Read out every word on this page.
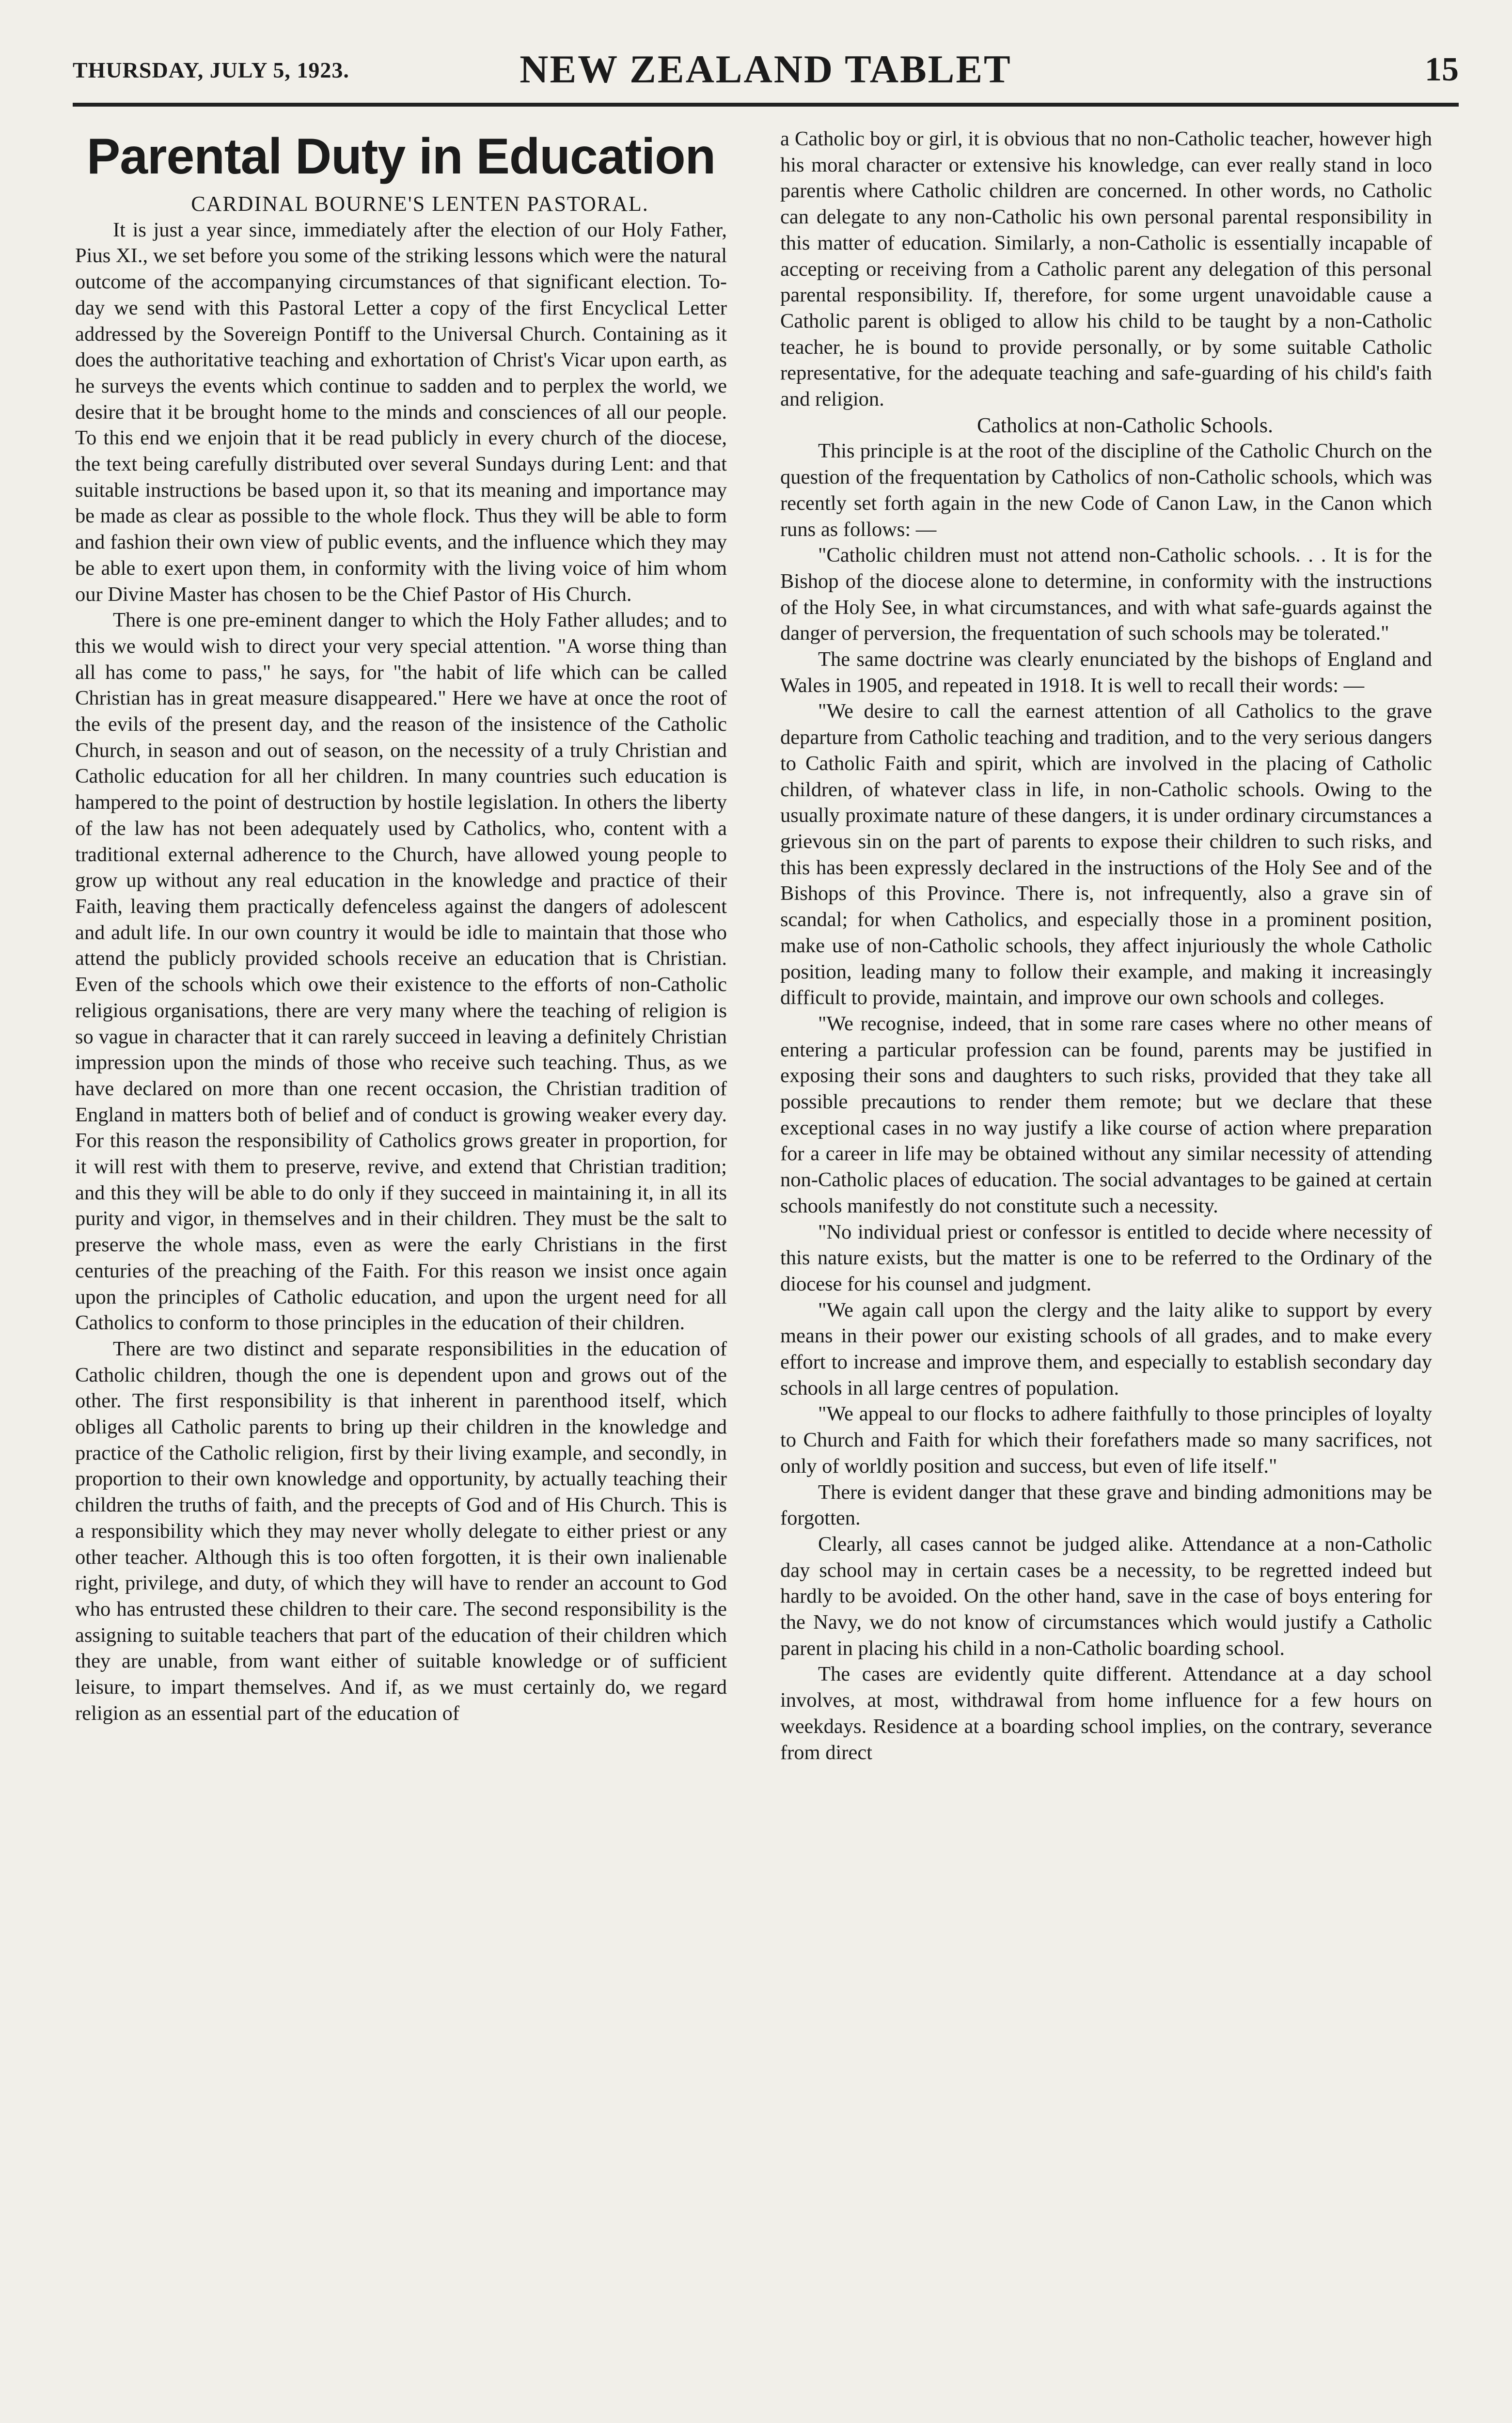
THURSDAY, JULY 5, 1923.	NEW ZEALAND TABLET	15
Parental Duty in Education

CARDINAL BOURNE'S LENTEN PASTORAL.

It is just a year since, immediately after the election of our Holy Father, Pius XI., we set before you some of the striking lessons which were the natural outcome of the accompanying circumstances of that significant election. To-day we send with this Pastoral Letter a copy of the first Encyclical Letter addressed by the Sovereign Pontiff to the Universal Church. Containing as it does the authoritative teaching and exhortation of Christ's Vicar upon earth, as he surveys the events which continue to sadden and to perplex the world, we desire that it be brought home to the minds and consciences of all our people. To this end we enjoin that it be read publicly in every church of the diocese, the text being carefully distributed over several Sundays during Lent: and that suitable instructions be based upon it, so that its meaning and importance may be made as clear as possible to the whole flock. Thus they will be able to form and fashion their own view of public events, and the influence which they may be able to exert upon them, in conformity with the living voice of him whom our Divine Master has chosen to be the Chief Pastor of His Church.

There is one pre-eminent danger to which the Holy Father alludes; and to this we would wish to direct your very special attention. "A worse thing than all has come to pass," he says, for "the habit of life which can be called Christian has in great measure disappeared." Here we have at once the root of the evils of the present day, and the reason of the insistence of the Catholic Church, in season and out of season, on the necessity of a truly Christian and Catholic education for all her children. In many countries such education is hampered to the point of destruction by hostile legislation. In others the liberty of the law has not been adequately used by Catholics, who, content with a traditional external adherence to the Church, have allowed young people to grow up without any real education in the knowledge and practice of their Faith, leaving them practically defenceless against the dangers of adolescent and adult life. In our own country it would be idle to maintain that those who attend the publicly provided schools receive an education that is Christian. Even of the schools which owe their existence to the efforts of non-Catholic religious organisations, there are very many where the teaching of religion is so vague in character that it can rarely succeed in leaving a definitely Christian impression upon the minds of those who receive such teaching. Thus, as we have declared on more than one recent occasion, the Christian tradition of England in matters both of belief and of conduct is growing weaker every day. For this reason the responsibility of Catholics grows greater in proportion, for it will rest with them to preserve, revive, and extend that Christian tradition; and this they will be able to do only if they succeed in maintaining it, in all its purity and vigor, in themselves and in their children. They must be the salt to preserve the whole mass, even as were the early Christians in the first centuries of the preaching of the Faith. For this reason we insist once again upon the principles of Catholic education, and upon the urgent need for all Catholics to conform to those principles in the education of their children.

There are two distinct and separate responsibilities in the education of Catholic children, though the one is dependent upon and grows out of the other. The first responsibility is that inherent in parenthood itself, which obliges all Catholic parents to bring up their children in the knowledge and practice of the Catholic religion, first by their living example, and secondly, in proportion to their own knowledge and opportunity, by actually teaching their children the truths of faith, and the precepts of God and of His Church. This is a responsibility which they may never wholly delegate to either priest or any other teacher. Although this is too often forgotten, it is their own inalienable right, privilege, and duty, of which they will have to render an account to God who has entrusted these children to their care. The second responsibility is the assigning to suitable teachers that part of the education of their children which they are unable, from want either of suitable knowledge or of sufficient leisure, to impart themselves. And if, as we must certainly do, we regard religion as an essential part of the education of

a Catholic boy or girl, it is obvious that no non-Catholic teacher, however high his moral character or extensive his knowledge, can ever really stand in loco parentis where Catholic children are concerned. In other words, no Catholic can delegate to any non-Catholic his own personal parental responsibility in this matter of education. Similarly, a non-Catholic is essentially incapable of accepting or receiving from a Catholic parent any delegation of this personal parental responsibility. If, therefore, for some urgent unavoidable cause a Catholic parent is obliged to allow his child to be taught by a non-Catholic teacher, he is bound to provide personally, or by some suitable Catholic representative, for the adequate teaching and safe-guarding of his child's faith and religion.

Catholics at non-Catholic Schools.

This principle is at the root of the discipline of the Catholic Church on the question of the frequentation by Catholics of non-Catholic schools, which was recently set forth again in the new Code of Canon Law, in the Canon which runs as follows: —

"Catholic children must not attend non-Catholic schools. . . It is for the Bishop of the diocese alone to determine, in conformity with the instructions of the Holy See, in what circumstances, and with what safe-guards against the danger of perversion, the frequentation of such schools may be tolerated."

The same doctrine was clearly enunciated by the bishops of England and Wales in 1905, and repeated in 1918. It is well to recall their words: —

"We desire to call the earnest attention of all Catholics to the grave departure from Catholic teaching and tradition, and to the very serious dangers to Catholic Faith and spirit, which are involved in the placing of Catholic children, of whatever class in life, in non-Catholic schools. Owing to the usually proximate nature of these dangers, it is under ordinary circumstances a grievous sin on the part of parents to expose their children to such risks, and this has been expressly declared in the instructions of the Holy See and of the Bishops of this Province. There is, not infrequently, also a grave sin of scandal; for when Catholics, and especially those in a prominent position, make use of non-Catholic schools, they affect injuriously the whole Catholic position, leading many to follow their example, and making it increasingly difficult to provide, maintain, and improve our own schools and colleges.

"We recognise, indeed, that in some rare cases where no other means of entering a particular profession can be found, parents may be justified in exposing their sons and daughters to such risks, provided that they take all possible precautions to render them remote; but we declare that these exceptional cases in no way justify a like course of action where preparation for a career in life may be obtained without any similar necessity of attending non-Catholic places of education. The social advantages to be gained at certain schools manifestly do not constitute such a necessity.

"No individual priest or confessor is entitled to decide where necessity of this nature exists, but the matter is one to be referred to the Ordinary of the diocese for his counsel and judgment.

"We again call upon the clergy and the laity alike to support by every means in their power our existing schools of all grades, and to make every effort to increase and improve them, and especially to establish secondary day schools in all large centres of population.

"We appeal to our flocks to adhere faithfully to those principles of loyalty to Church and Faith for which their forefathers made so many sacrifices, not only of worldly position and success, but even of life itself."

There is evident danger that these grave and binding admonitions may be forgotten.

Clearly, all cases cannot be judged alike. Attendance at a non-Catholic day school may in certain cases be a necessity, to be regretted indeed but hardly to be avoided. On the other hand, save in the case of boys entering for the Navy, we do not know of circumstances which would justify a Catholic parent in placing his child in a non-Catholic boarding school.

The cases are evidently quite different. Attendance at a day school involves, at most, withdrawal from home influence for a few hours on weekdays. Residence at a boarding school implies, on the contrary, severance from direct
